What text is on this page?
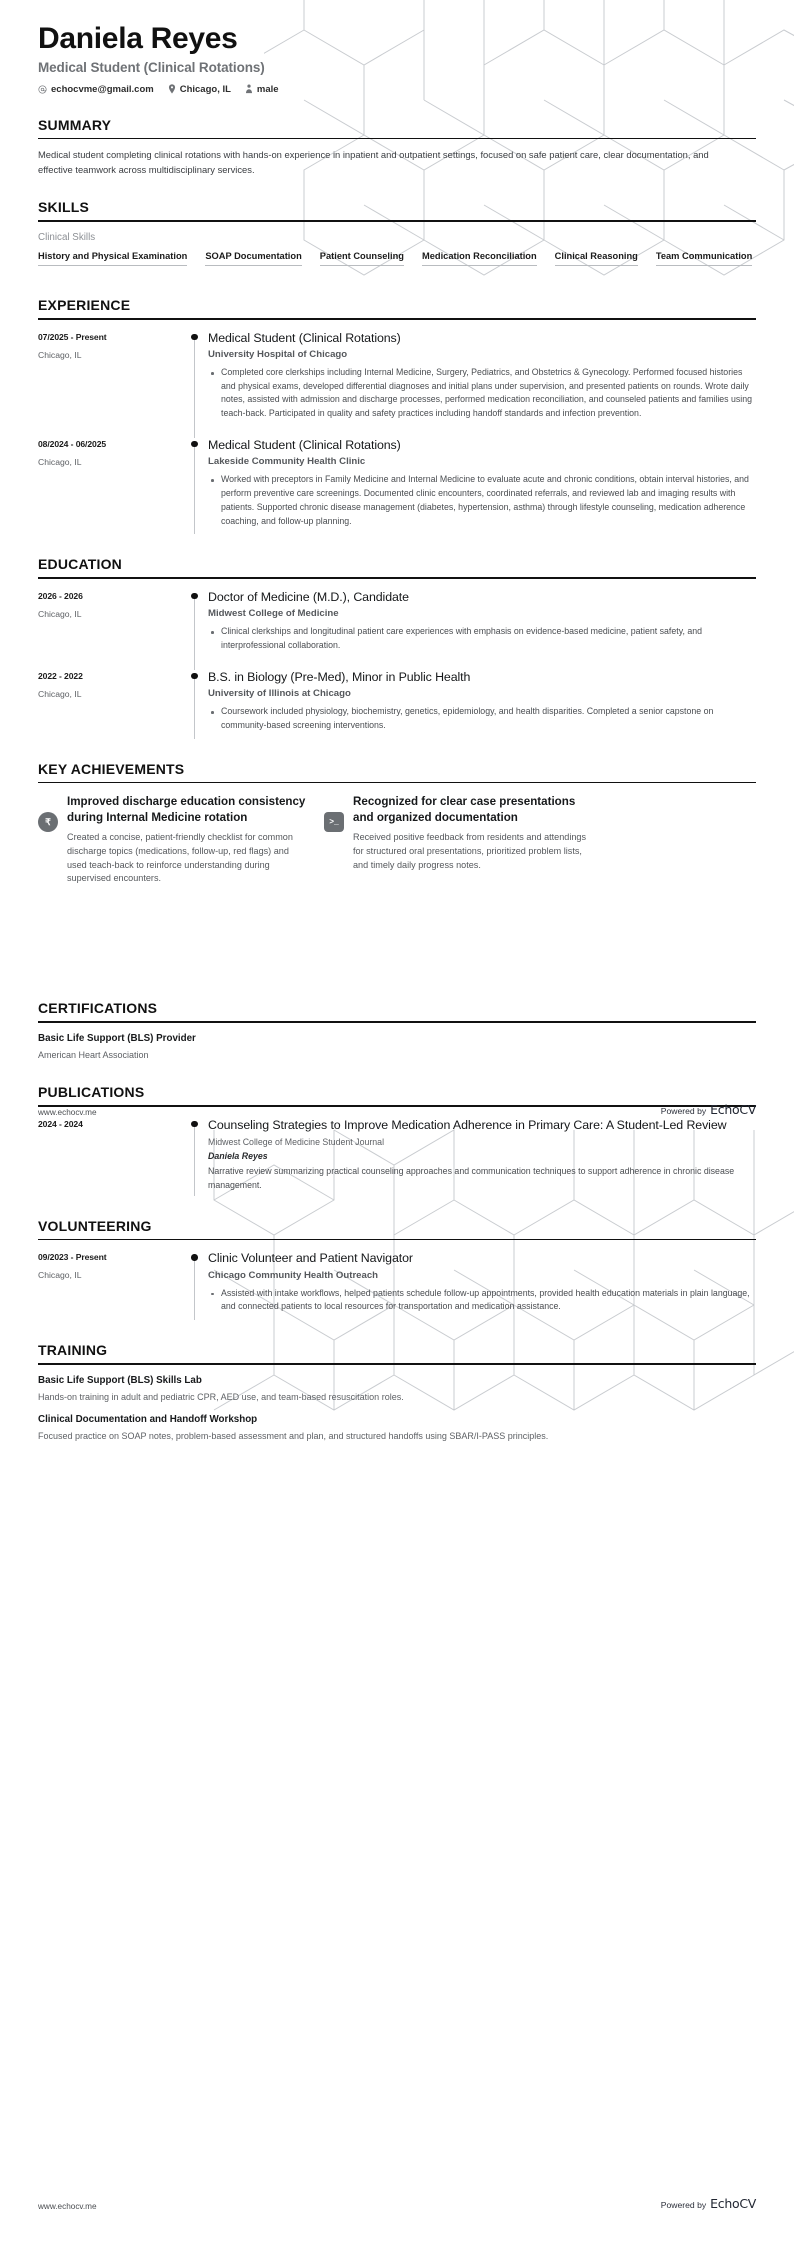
Daniela Reyes
Medical Student (Clinical Rotations)
echocvme@gmail.com	Chicago, IL	male
SUMMARY

Medical student completing clinical rotations with hands-on experience in inpatient and outpatient settings, focused on safe patient care, clear documentation, and effective teamwork across multidisciplinary services.

SKILLS
Clinical Skills
History and Physical Examination SOAP Documentation Patient Counseling Medication Reconciliation Clinical Reasoning Team Communication
EXPERIENCE
07/2025 - Present
Chicago, IL
Medical Student (Clinical Rotations)
University Hospital of Chicago
Completed core clerkships including Internal Medicine, Surgery, Pediatrics, and Obstetrics & Gynecology. Performed focused histories and physical exams, developed differential diagnoses and initial plans under supervision, and presented patients on rounds. Wrote daily notes, assisted with admission and discharge processes, performed medication reconciliation, and counseled patients and families using teach-back. Participated in quality and safety practices including handoff standards and infection prevention.
08/2024 - 06/2025
Chicago, IL
Medical Student (Clinical Rotations)
Lakeside Community Health Clinic
Worked with preceptors in Family Medicine and Internal Medicine to evaluate acute and chronic conditions, obtain interval histories, and perform preventive care screenings. Documented clinic encounters, coordinated referrals, and reviewed lab and imaging results with patients. Supported chronic disease management (diabetes, hypertension, asthma) through lifestyle counseling, medication adherence coaching, and follow-up planning.
EDUCATION
2026 - 2026
Chicago, IL
Doctor of Medicine (M.D.), Candidate
Midwest College of Medicine
Clinical clerkships and longitudinal patient care experiences with emphasis on evidence-based medicine, patient safety, and interprofessional collaboration.
2022 - 2022
Chicago, IL
B.S. in Biology (Pre-Med), Minor in Public Health
University of Illinois at Chicago
Coursework included physiology, biochemistry, genetics, epidemiology, and health disparities. Completed a senior capstone on community-based screening interventions.
KEY ACHIEVEMENTS
₹
Improved discharge education consistency during Internal Medicine rotation
Created a concise, patient-friendly checklist for common discharge topics (medications, follow-up, red flags) and used teach-back to reinforce understanding during supervised encounters.
>_
Recognized for clear case presentations and organized documentation
Received positive feedback from residents and attendings for structured oral presentations, prioritized problem lists, and timely daily progress notes.
CERTIFICATIONS
Basic Life Support (BLS) Provider
American Heart Association
PUBLICATIONS
2024 - 2024	Counseling Strategies to Improve Medication Adherence in Primary Care: A Student-Led Review
Midwest College of Medicine Student Journal
Daniela Reyes
Narrative review summarizing practical counseling approaches and communication techniques to support adherence in chronic disease management.
VOLUNTEERING
09/2023 - Present
Chicago, IL
Clinic Volunteer and Patient Navigator
Chicago Community Health Outreach
Assisted with intake workflows, helped patients schedule follow-up appointments, provided health education materials in plain language, and connected patients to local resources for transportation and medication assistance.
TRAINING
Basic Life Support (BLS) Skills Lab
Hands-on training in adult and pediatric CPR, AED use, and team-based resuscitation roles.
Clinical Documentation and Handoff Workshop
Focused practice on SOAP notes, problem-based assessment and plan, and structured handoffs using SBAR/I-PASS principles.
www.echocv.me	Powered by EchoCV
www.echocv.me	Powered by EchoCV
